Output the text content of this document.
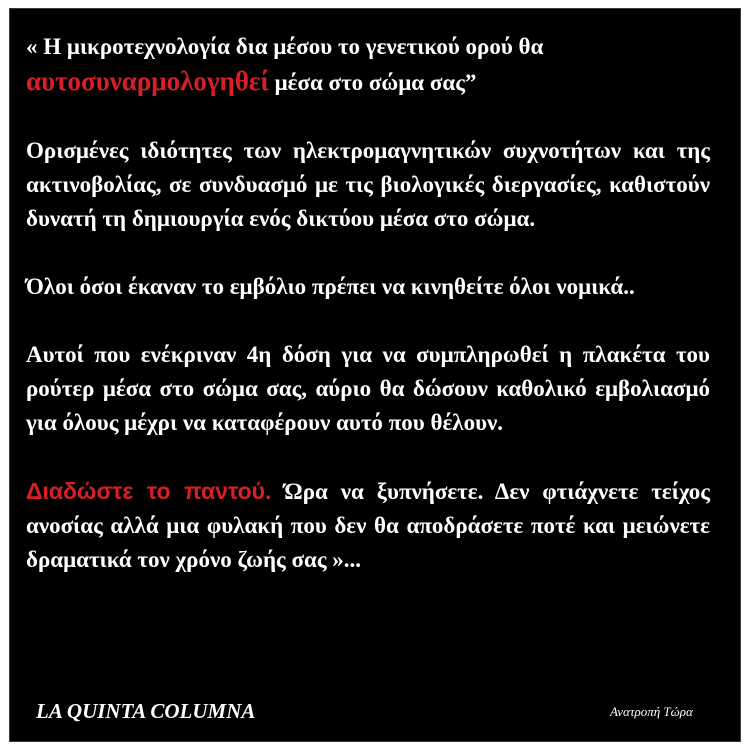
« Η μικροτεχνολογία δια μέσου το γενετικού ορού θα
αυτοσυναρμολογηθεί μέσα στο σώμα σας”

Ορισμένες ιδιότητες των ηλεκτρομαγνητικών συχνοτήτων και της ακτινοβολίας, σε συνδυασμό με τις βιολογικές διεργασίες, καθιστούν δυνατή τη δημιουργία ενός δικτύου μέσα στο σώμα.

Όλοι όσοι έκαναν το εμβόλιο πρέπει να κινηθείτε όλοι νομικά..

Αυτοί που ενέκριναν 4η δόση για να συμπληρωθεί η πλακέτα του ρούτερ μέσα στο σώμα σας, αύριο θα δώσουν καθολικό εμβολιασμό για όλους μέχρι να καταφέρουν αυτό που θέλουν.

Διαδώστε το παντού. Ώρα να ξυπνήσετε. Δεν φτιάχνετε τείχος ανοσίας αλλά μια φυλακή που δεν θα αποδράσετε ποτέ και μειώνετε δραματικά τον χρόνο ζωής σας »...

LA QUINTA COLUMNA	Ανατροπή Τώρα
